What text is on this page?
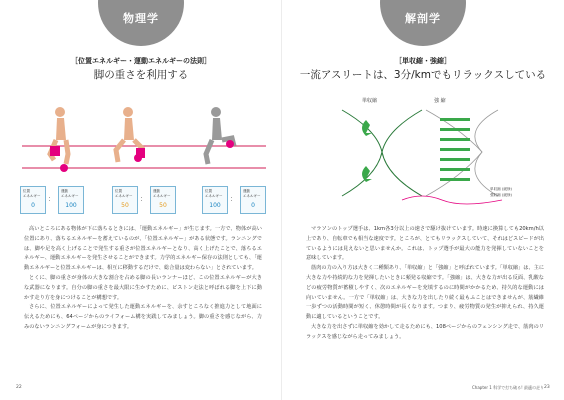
物理学
［位置エネルギー・運動エネルギーの法則］
脚の重さを利用する
位置
エネルギー
0
：
運動
エネルギー
100
位置
エネルギー
50
：
運動
エネルギー
50
位置
エネルギー
100
：
運動
エネルギー
0

高いところにある物体が下に落ちるときには、「運動エネルギー」が生じます。一方で、物体が高い位置にあり、落ちるエネルギーを蓄えているのが、「位置エネルギー」がある状態です。ランニングでは、脚や足を高く上げることで発生する重さが位置エネルギーとなり、高く上げたことで、落ちるエネルギー、運動エネルギーを発生させることができます。力学的エネルギー保存の法則としても、「運動エネルギーと位置エネルギーは、相互に移動するだけで、総合量は変わらない」とされています。

とくに、脚の重さが身体の大きな割合を占める脚の長いランナーほど、この位置エネルギーが大きな武器になります。自分の脚の重さを最大限に生かすために、ピストン走法と呼ばれる脚を上下に動かす走り方を身につけることが構想です。

さらに、位置エネルギーによって発生した運動エネルギーを、余すところなく推進力として地面に伝えるためにも、64ページからのライフォーム構を実践してみましょう。脚の重さを感じながら、力みのないランニングフォームが身につきます。

22
解剖学
［単収縮・強縮］
一流アスリートは、3分/kmでもリラックスしている
単収縮	強 縮
単収縮 (緩徐)
強収縮 (緩徐)

マラソンのトップ選手は、1km各3分以上の速さで駆け抜けています。時速に換算しても20km/h以上であり、自転車でも相当な速度です。ところが、とてもリラックスしていて、それはどスピードが出ているようには見えないと思いませんか。これは、トップ選手が最大の能力を発揮していないことを意味しています。

筋肉の力の入り方は大きく二種類あり、「単収縮」と「強縮」と呼ばれています。「単収縮」は、主に大きな力や持続的な力を発揮したいときに頻発る収縮です。「強縮」は、大きな力が出る反面、乳酸などの疲労物質が蓄積しやすく、次のエネルギーを充填するのに時間がかかるため、持久的な運動には向いていません。一方で「単収縮」は、大きな力を出したり続く最もふことはできませんが、筋繊維一歩ずつの活動時間が短く、休憩時間が長くなります。つまり、疲労物質の発生が抑えられ、持久運動に適しているということです。

大きな力を出さずに単収縮を効かして走るためにも、108ページからのフェンシング走で、筋肉のリラックスを感じながら走ってみましょう。

Chapter 1 科学で打ち破る! 最適の走り 23
